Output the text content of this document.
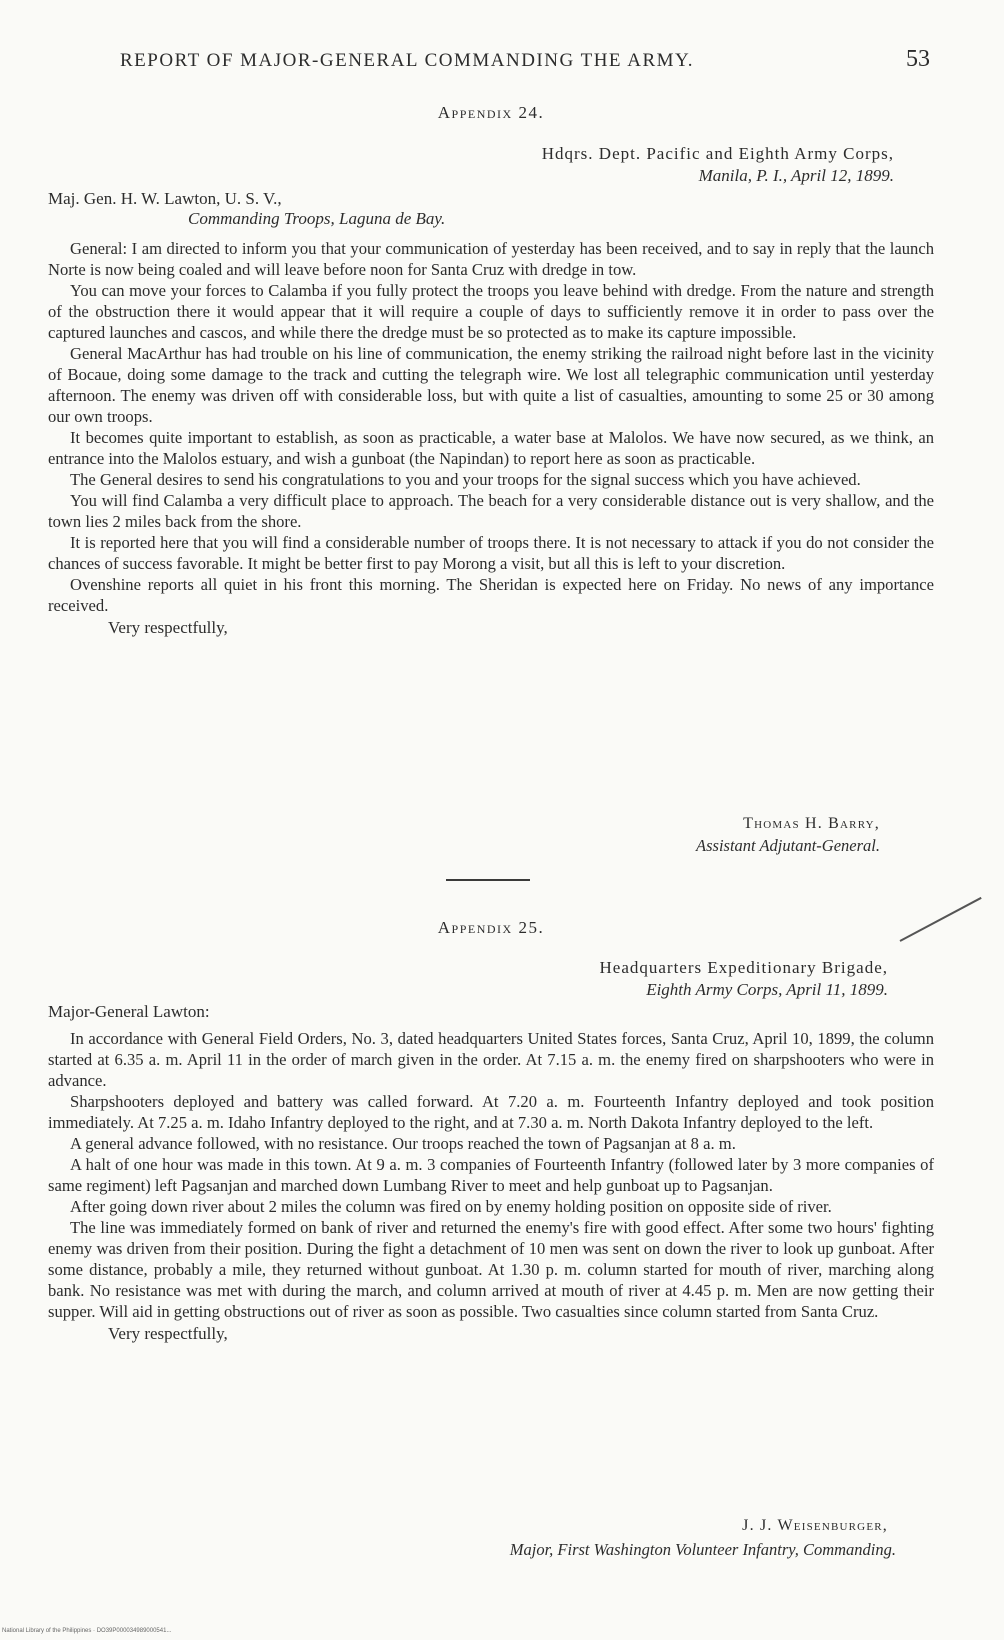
REPORT OF MAJOR-GENERAL COMMANDING THE ARMY.	53
Appendix 24.
Hdqrs. Dept. Pacific and Eighth Army Corps,
Manila, P. I., April 12, 1899.
Maj. Gen. H. W. Lawton, U. S. V.,
Commanding Troops, Laguna de Bay.

General: I am directed to inform you that your communication of yesterday has been received, and to say in reply that the launch Norte is now being coaled and will leave before noon for Santa Cruz with dredge in tow.

You can move your forces to Calamba if you fully protect the troops you leave behind with dredge. From the nature and strength of the obstruction there it would appear that it will require a couple of days to sufficiently remove it in order to pass over the captured launches and cascos, and while there the dredge must be so protected as to make its capture impossible.

General MacArthur has had trouble on his line of communication, the enemy striking the railroad night before last in the vicinity of Bocaue, doing some damage to the track and cutting the telegraph wire. We lost all telegraphic communication until yesterday afternoon. The enemy was driven off with considerable loss, but with quite a list of casualties, amounting to some 25 or 30 among our own troops.

It becomes quite important to establish, as soon as practicable, a water base at Malolos. We have now secured, as we think, an entrance into the Malolos estuary, and wish a gunboat (the Napindan) to report here as soon as practicable.

The General desires to send his congratulations to you and your troops for the signal success which you have achieved.

You will find Calamba a very difficult place to approach. The beach for a very considerable distance out is very shallow, and the town lies 2 miles back from the shore.

It is reported here that you will find a considerable number of troops there. It is not necessary to attack if you do not consider the chances of success favorable. It might be better first to pay Morong a visit, but all this is left to your discretion.

Ovenshine reports all quiet in his front this morning. The Sheridan is expected here on Friday. No news of any importance received.

Very respectfully,
Thomas H. Barry,
Assistant Adjutant-General.
Appendix 25.
Headquarters Expeditionary Brigade,
Eighth Army Corps, April 11, 1899.
Major-General Lawton:

In accordance with General Field Orders, No. 3, dated headquarters United States forces, Santa Cruz, April 10, 1899, the column started at 6.35 a. m. April 11 in the order of march given in the order. At 7.15 a. m. the enemy fired on sharpshooters who were in advance.

Sharpshooters deployed and battery was called forward. At 7.20 a. m. Fourteenth Infantry deployed and took position immediately. At 7.25 a. m. Idaho Infantry deployed to the right, and at 7.30 a. m. North Dakota Infantry deployed to the left.

A general advance followed, with no resistance. Our troops reached the town of Pagsanjan at 8 a. m.

A halt of one hour was made in this town. At 9 a. m. 3 companies of Fourteenth Infantry (followed later by 3 more companies of same regiment) left Pagsanjan and marched down Lumbang River to meet and help gunboat up to Pagsanjan.

After going down river about 2 miles the column was fired on by enemy holding position on opposite side of river.

The line was immediately formed on bank of river and returned the enemy's fire with good effect. After some two hours' fighting enemy was driven from their position. During the fight a detachment of 10 men was sent on down the river to look up gunboat. After some distance, probably a mile, they returned without gunboat. At 1.30 p. m. column started for mouth of river, marching along bank. No resistance was met with during the march, and column arrived at mouth of river at 4.45 p. m. Men are now getting their supper. Will aid in getting obstructions out of river as soon as possible. Two casualties since column started from Santa Cruz.

Very respectfully,
J. J. Weisenburger,
Major, First Washington Volunteer Infantry, Commanding.
National Library of the Philippines · DO39P000034989000541...
